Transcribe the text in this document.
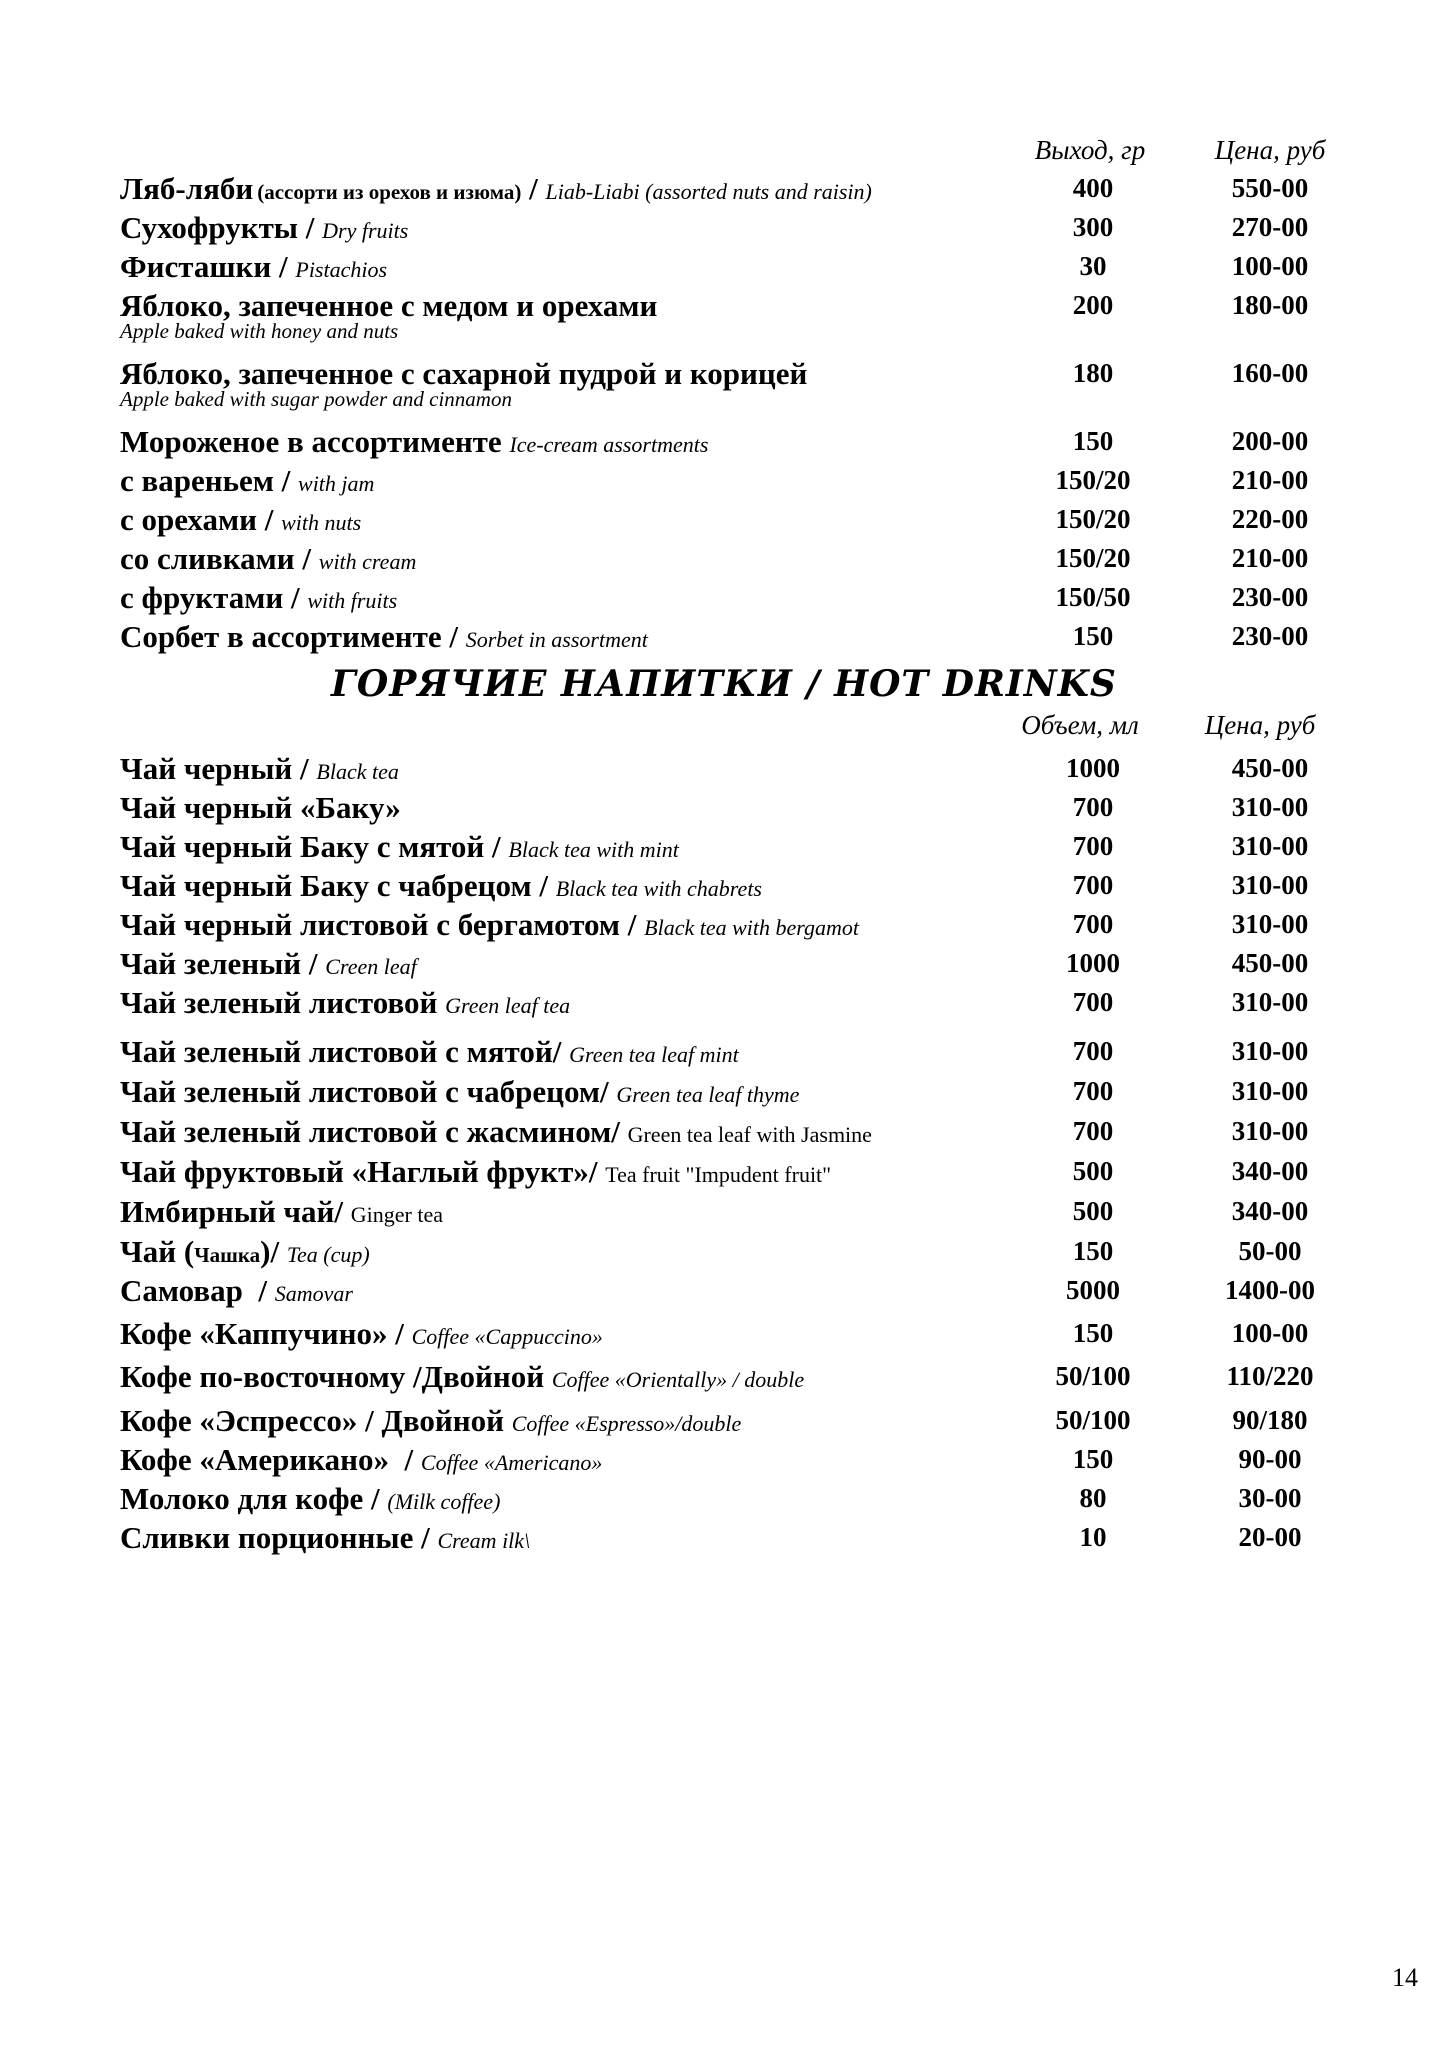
Выход, гр	Цена, руб
Ляб-ляби (ассорти из орехов и изюма) / Liab-Liabi (assorted nuts and raisin)	400	550-00
Сухофрукты / Dry fruits	300	270-00
Фисташки / Pistachios	30	100-00
Яблоко, запеченное с медом и орехами
Apple baked with honey and nuts
200	180-00
Яблоко, запеченное с сахарной пудрой и корицей
Apple baked with sugar powder and cinnamon
180	160-00
Мороженое в ассортименте Ice-cream assortments	150	200-00
с вареньем / with jam	150/20	210-00
с орехами / with nuts	150/20	220-00
со сливками / with cream	150/20	210-00
с фруктами / with fruits	150/50	230-00
Сорбет в ассортименте / Sorbet in assortment	150	230-00
ГОРЯЧИЕ НАПИТКИ / HOT DRINKS
Объем, мл	Цена, руб
Чай черный / Black tea	1000	450-00
Чай черный «Баку»	700	310-00
Чай черный Баку с мятой / Black tea with mint	700	310-00
Чай черный Баку с чабрецом / Black tea with chabrets	700	310-00
Чай черный листовой с бергамотом / Black tea with bergamot	700	310-00
Чай зеленый / Creen leaf	1000	450-00
Чай зеленый листовой Green leaf tea	700	310-00
Чай зеленый листовой с мятой/ Green tea leaf mint	700	310-00
Чай зеленый листовой с чабрецом/ Green tea leaf thyme	700	310-00
Чай зеленый листовой с жасмином/ Green tea leaf with Jasmine	700	310-00
Чай фруктовый «Наглый фрукт»/ Tea fruit "Impudent fruit"	500	340-00
Имбирный чай/ Ginger tea	500	340-00
Чай (Чашка)/ Tea (cup)	150	50-00
Самовар  / Samovar	5000	1400-00
Кофе «Каппучино» / Coffee «Cappuccino»	150	100-00
Кофе по-восточному /Двойной Coffee «Orientally» / double	50/100	110/220
Кофе «Эспрессо» / Двойной Coffee «Espresso»/double	50/100	90/180
Кофе «Американо»  / Coffee «Americano»	150	90-00
Молоко для кофе / (Milk coffee)	80	30-00
Сливки порционные / Cream ilk\	10	20-00
14
